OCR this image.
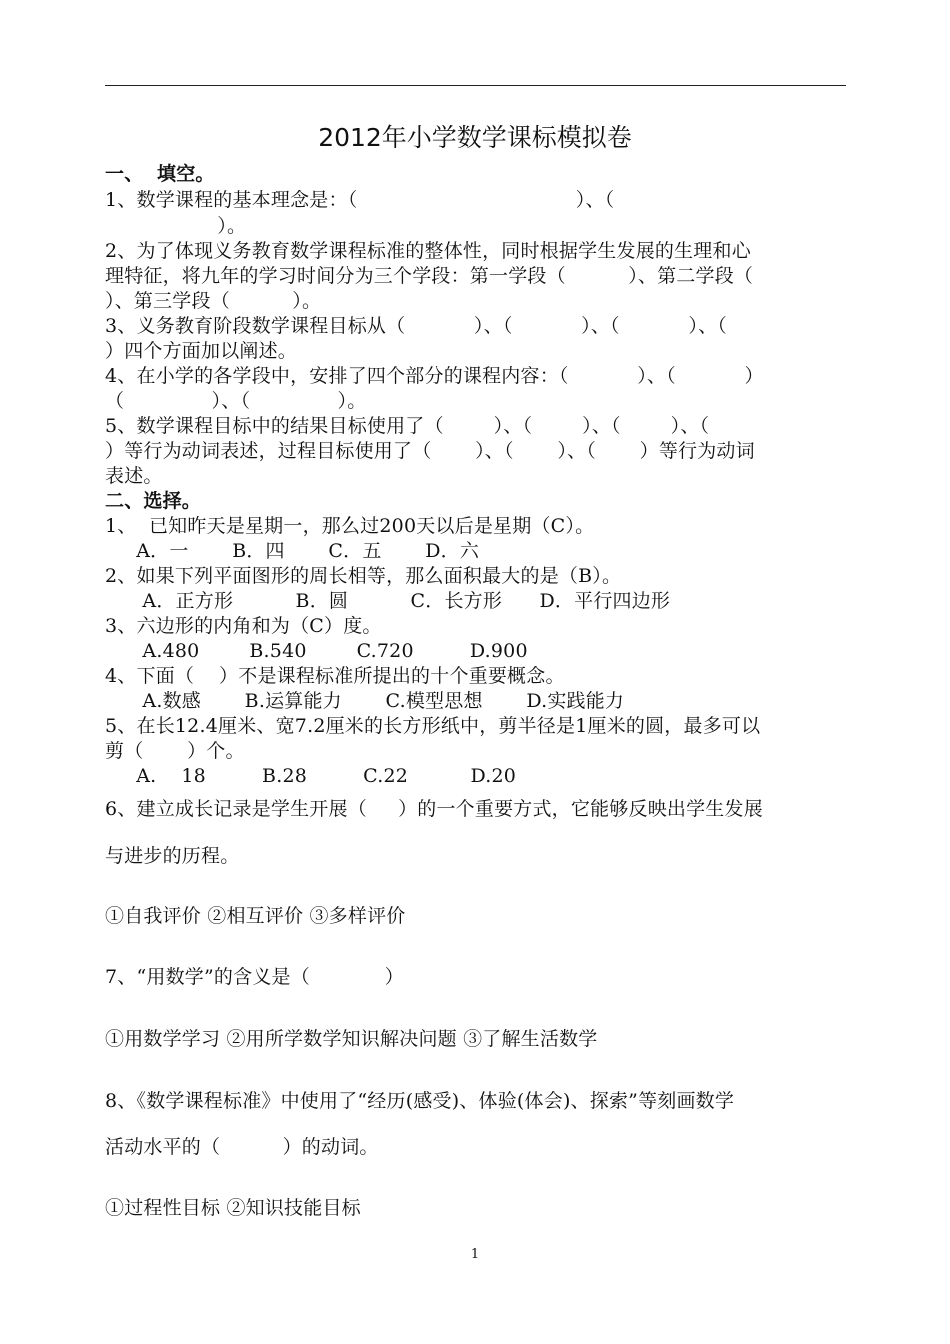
2012年小学数学课标模拟卷
一、  填空。
1、数学课程的基本理念是：（                                   ）、（
）。
2、为了体现义务教育数学课程标准的整体性，同时根据学生发展的生理和心
理特征，将九年的学习时间分为三个学段：第一学段（          ）、第二学段（
）、第三学段（          ）。
3、义务教育阶段数学课程目标从（           ）、（           ）、（           ）、（
）四个方面加以阐述。
4、在小学的各学段中，安排了四个部分的课程内容：（           ）、（           ）
（              ）、（              ）。
5、数学课程目标中的结果目标使用了（        ）、（        ）、（        ）、（
）等行为动词表述，过程目标使用了（       ）、（       ）、（       ）等行为动词
表述。
二、选择。
1、  已知昨天是星期一，那么过200天以后是星期（C）。
A．一       B．四       C．五       D．六
2、如果下列平面图形的周长相等，那么面积最大的是（B）。
A．正方形          B．圆          C．长方形      D．平行四边形
3、六边形的内角和为（C）度。
A.480        B.540        C.720         D.900
4、下面（    ）不是课程标准所提出的十个重要概念。
A.数感       B.运算能力       C.模型思想       D.实践能力
5、在长12.4厘米、宽7.2厘米的长方形纸中，剪半径是1厘米的圆，最多可以
剪（       ）个。
A.    18         B.28         C.22          D.20
6、建立成长记录是学生开展（     ）的一个重要方式，它能够反映出学生发展
与进步的历程。
①自我评价 ②相互评价 ③多样评价
7、“用数学”的含义是（            ）
①用数学学习 ②用所学数学知识解决问题 ③了解生活数学
8、《数学课程标准》中使用了“经历(感受)、体验(体会)、探索”等刻画数学
活动水平的（          ）的动词。
①过程性目标 ②知识技能目标
1
